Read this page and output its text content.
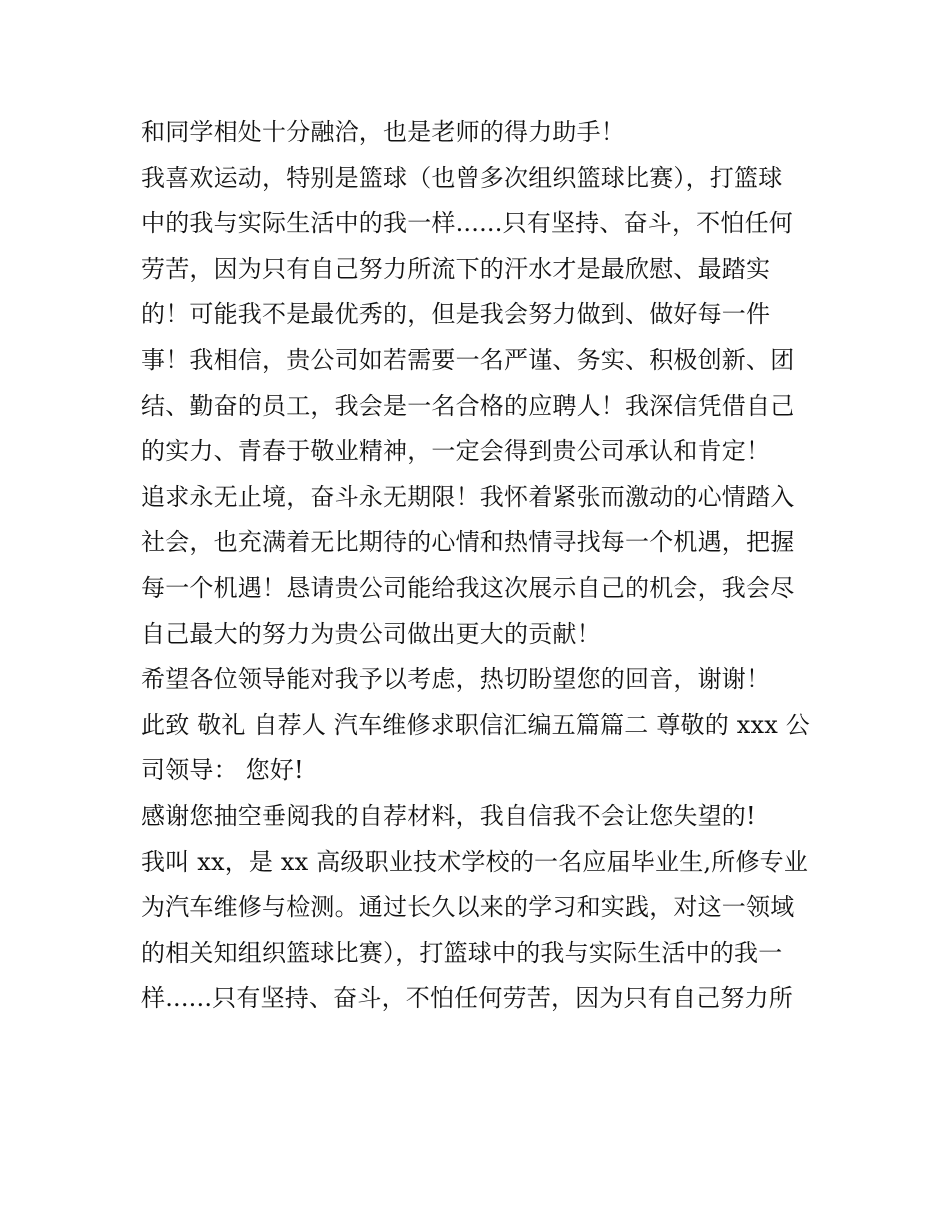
和同学相处十分融洽，也是老师的得力助手！
我喜欢运动，特别是篮球（也曾多次组织篮球比赛），打篮球
中的我与实际生活中的我一样......只有坚持、奋斗，不怕任何
劳苦，因为只有自己努力所流下的汗水才是最欣慰、最踏实
的！可能我不是最优秀的，但是我会努力做到、做好每一件
事！我相信，贵公司如若需要一名严谨、务实、积极创新、团
结、勤奋的员工，我会是一名合格的应聘人！我深信凭借自己
的实力、青春于敬业精神，一定会得到贵公司承认和肯定！
追求永无止境，奋斗永无期限！我怀着紧张而激动的心情踏入
社会，也充满着无比期待的心情和热情寻找每一个机遇，把握
每一个机遇！恳请贵公司能给我这次展示自己的机会，我会尽
自己最大的努力为贵公司做出更大的贡献！
希望各位领导能对我予以考虑，热切盼望您的回音，谢谢！
此致 敬礼 自荐人 汽车维修求职信汇编五篇篇二 尊敬的 xxx 公
司领导： 您好!
感谢您抽空垂阅我的自荐材料，我自信我不会让您失望的!
我叫 xx，是 xx 高级职业技术学校的一名应届毕业生,所修专业
为汽车维修与检测。通过长久以来的学习和实践，对这一领域
的相关知组织篮球比赛），打篮球中的我与实际生活中的我一
样......只有坚持、奋斗，不怕任何劳苦，因为只有自己努力所
